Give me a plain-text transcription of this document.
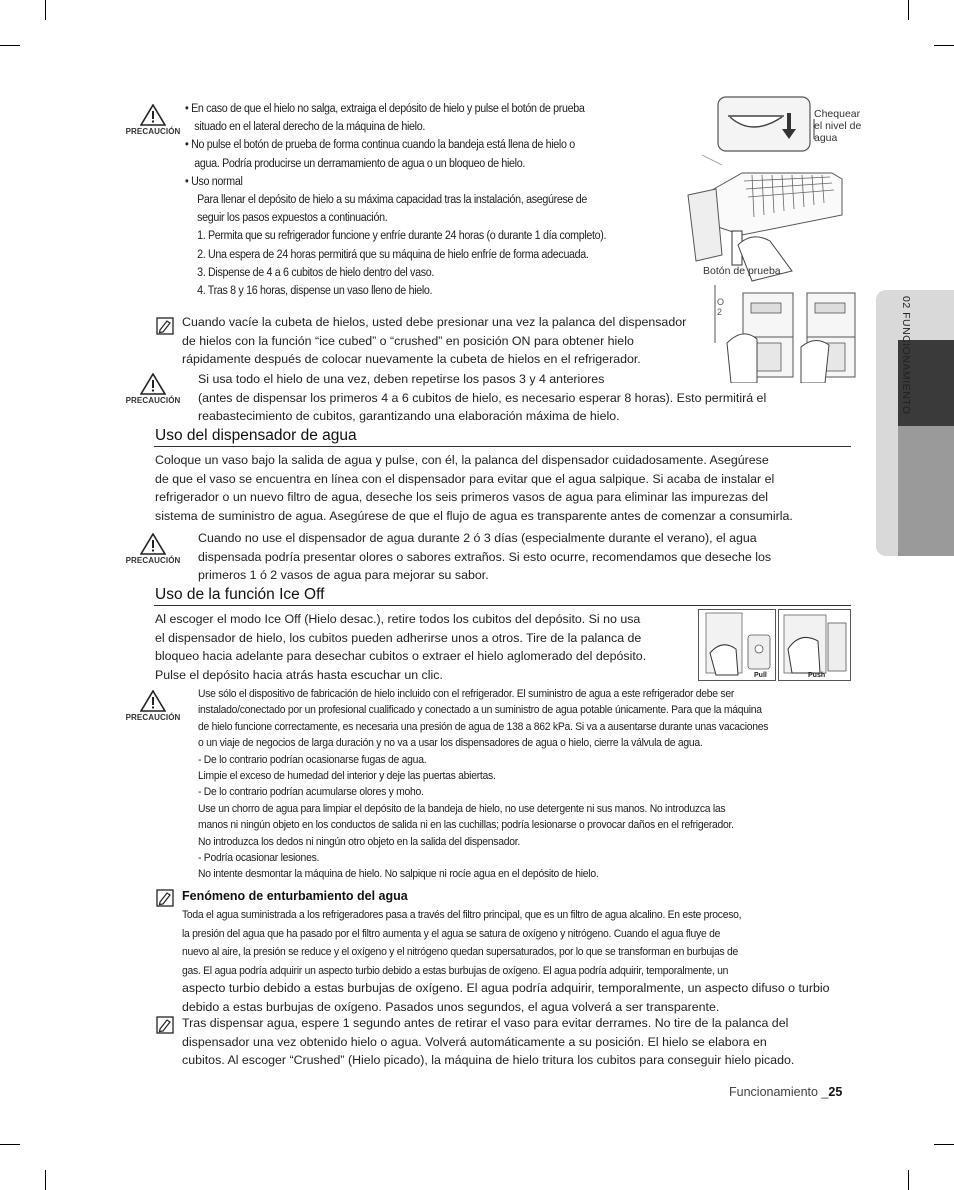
02 FUNCIONAMIENTO
PRECAUCIÓN
• En caso de que el hielo no salga, extraiga el depósito de hielo y pulse el botón de prueba
situado en el lateral derecho de la máquina de hielo.
• No pulse el botón de prueba de forma continua cuando la bandeja está llena de hielo o
agua. Podría producirse un derramamiento de agua o un bloqueo de hielo.
• Uso normal
Para llenar el depósito de hielo a su máxima capacidad tras la instalación, asegúrese de
seguir los pasos expuestos a continuación.
1. Permita que su refrigerador funcione y enfríe durante 24 horas (o durante 1 día completo).
2. Una espera de 24 horas permitirá que su máquina de hielo enfríe de forma adecuada.
3. Dispense de 4 a 6 cubitos de hielo dentro del vaso.
4. Tras 8 y 16 horas, dispense un vaso lleno de hielo.
Chequear
el nivel de
agua
Botón de prueba
O
2
Cuando vacíe la cubeta de hielos, usted debe presionar una vez la palanca del dispensador
de hielos con la función “ice cubed” o “crushed” en posición ON para obtener hielo
rápidamente después de colocar nuevamente la cubeta de hielos en el refrigerador.
PRECAUCIÓN
Si usa todo el hielo de una vez, deben repetirse los pasos 3 y 4 anteriores
(antes de dispensar los primeros 4 a 6 cubitos de hielo, es necesario esperar 8 horas). Esto permitirá el
reabastecimiento de cubitos, garantizando una elaboración máxima de hielo.
Uso del dispensador de agua
Coloque un vaso bajo la salida de agua y pulse, con él, la palanca del dispensador cuidadosamente. Asegúrese
de que el vaso se encuentra en línea con el dispensador para evitar que el agua salpique. Si acaba de instalar el
refrigerador o un nuevo filtro de agua, deseche los seis primeros vasos de agua para eliminar las impurezas del
sistema de suministro de agua. Asegúrese de que el flujo de agua es transparente antes de comenzar a consumirla.
PRECAUCIÓN
Cuando no use el dispensador de agua durante 2 ó 3 días (especialmente durante el verano), el agua
dispensada podría presentar olores o sabores extraños. Si esto ocurre, recomendamos que deseche los
primeros 1 ó 2 vasos de agua para mejorar su sabor.
Uso de la función Ice Off
Al escoger el modo Ice Off (Hielo desac.), retire todos los cubitos del depósito. Si no usa
el dispensador de hielo, los cubitos pueden adherirse unos a otros. Tire de la palanca de
bloqueo hacia adelante para desechar cubitos o extraer el hielo aglomerado del depósito.
Pulse el depósito hacia atrás hasta escuchar un clic.	Pull	Push
PRECAUCIÓN
Use sólo el dispositivo de fabricación de hielo incluido con el refrigerador. El suministro de agua a este refrigerador debe ser
instalado/conectado por un profesional cualificado y conectado a un suministro de agua potable únicamente. Para que la máquina
de hielo funcione correctamente, es necesaria una presión de agua de 138 a 862 kPa. Si va a ausentarse durante unas vacaciones
o un viaje de negocios de larga duración y no va a usar los dispensadores de agua o hielo, cierre la válvula de agua.
- De lo contrario podrían ocasionarse fugas de agua.
Limpie el exceso de humedad del interior y deje las puertas abiertas.
- De lo contrario podrían acumularse olores y moho.
Use un chorro de agua para limpiar el depósito de la bandeja de hielo, no use detergente ni sus manos. No introduzca las
manos ni ningún objeto en los conductos de salida ni en las cuchillas; podría lesionarse o provocar daños en el refrigerador.
No introduzca los dedos ni ningún otro objeto en la salida del dispensador.
- Podría ocasionar lesiones.
No intente desmontar la máquina de hielo. No salpique ni rocíe agua en el depósito de hielo.
Fenómeno de enturbamiento del agua
Toda el agua suministrada a los refrigeradores pasa a través del filtro principal, que es un filtro de agua alcalino. En este proceso,
la presión del agua que ha pasado por el filtro aumenta y el agua se satura de oxígeno y nitrógeno. Cuando el agua fluye de
nuevo al aire, la presión se reduce y el oxígeno y el nitrógeno quedan supersaturados, por lo que se transforman en burbujas de
gas. El agua podría adquirir un aspecto turbio debido a estas burbujas de oxígeno. El agua podría adquirir, temporalmente, un
aspecto turbio debido a estas burbujas de oxígeno. El agua podría adquirir, temporalmente, un aspecto difuso o turbio
debido a estas burbujas de oxígeno. Pasados unos segundos, el agua volverá a ser transparente.
Tras dispensar agua, espere 1 segundo antes de retirar el vaso para evitar derrames. No tire de la palanca del
dispensador una vez obtenido hielo o agua. Volverá automáticamente a su posición. El hielo se elabora en
cubitos. Al escoger “Crushed” (Hielo picado), la máquina de hielo tritura los cubitos para conseguir hielo picado.
Funcionamiento _25
